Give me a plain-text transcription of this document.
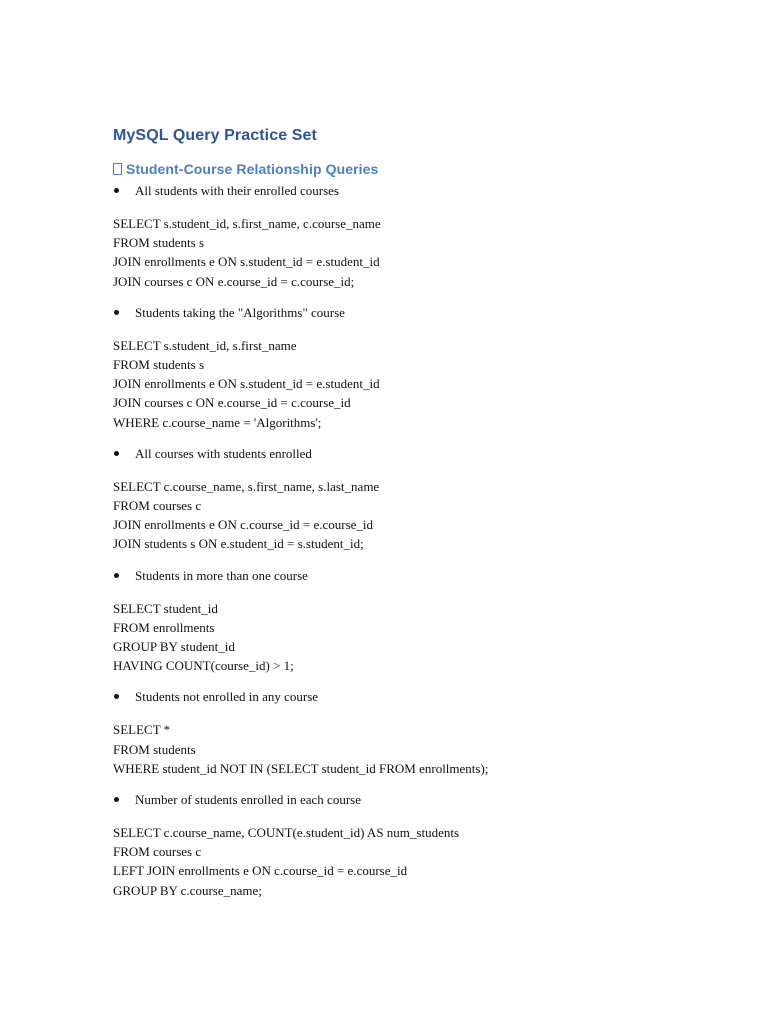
MySQL Query Practice Set
Student-Course Relationship Queries
All students with their enrolled courses
SELECT s.student_id, s.first_name, c.course_name
FROM students s
JOIN enrollments e ON s.student_id = e.student_id
JOIN courses c ON e.course_id = c.course_id;
Students taking the "Algorithms" course
SELECT s.student_id, s.first_name
FROM students s
JOIN enrollments e ON s.student_id = e.student_id
JOIN courses c ON e.course_id = c.course_id
WHERE c.course_name = 'Algorithms';
All courses with students enrolled
SELECT c.course_name, s.first_name, s.last_name
FROM courses c
JOIN enrollments e ON c.course_id = e.course_id
JOIN students s ON e.student_id = s.student_id;
Students in more than one course
SELECT student_id
FROM enrollments
GROUP BY student_id
HAVING COUNT(course_id) > 1;
Students not enrolled in any course
SELECT *
FROM students
WHERE student_id NOT IN (SELECT student_id FROM enrollments);
Number of students enrolled in each course
SELECT c.course_name, COUNT(e.student_id) AS num_students
FROM courses c
LEFT JOIN enrollments e ON c.course_id = e.course_id
GROUP BY c.course_name;
